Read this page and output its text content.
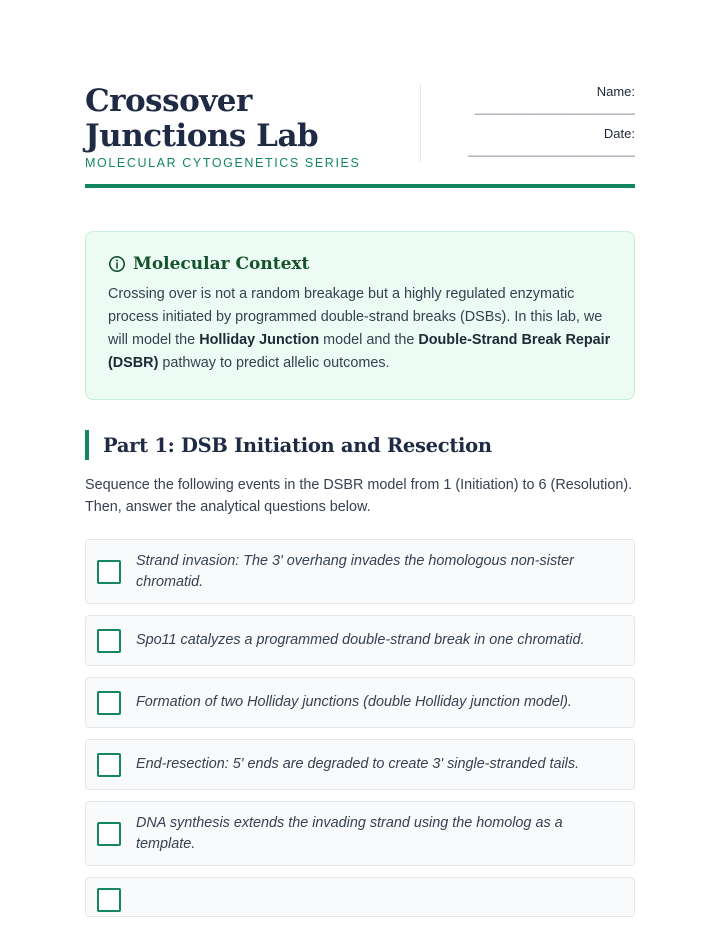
Crossover Junctions Lab
MOLECULAR CYTOGENETICS SERIES
Name:
________________________
Date:
_________________________
Molecular Context

Crossing over is not a random breakage but a highly regulated enzymatic process initiated by programmed double-strand breaks (DSBs). In this lab, we will model the Holliday Junction model and the Double-Strand Break Repair (DSBR) pathway to predict allelic outcomes.

Part 1: DSB Initiation and Resection
Sequence the following events in the DSBR model from 1 (Initiation) to 6 (Resolution). Then, answer the analytical questions below.
Strand invasion: The 3' overhang invades the homologous non-sister chromatid.
Spo11 catalyzes a programmed double-strand break in one chromatid.
Formation of two Holliday junctions (double Holliday junction model).
End-resection: 5' ends are degraded to create 3' single-stranded tails.
DNA synthesis extends the invading strand using the homolog as a template.
